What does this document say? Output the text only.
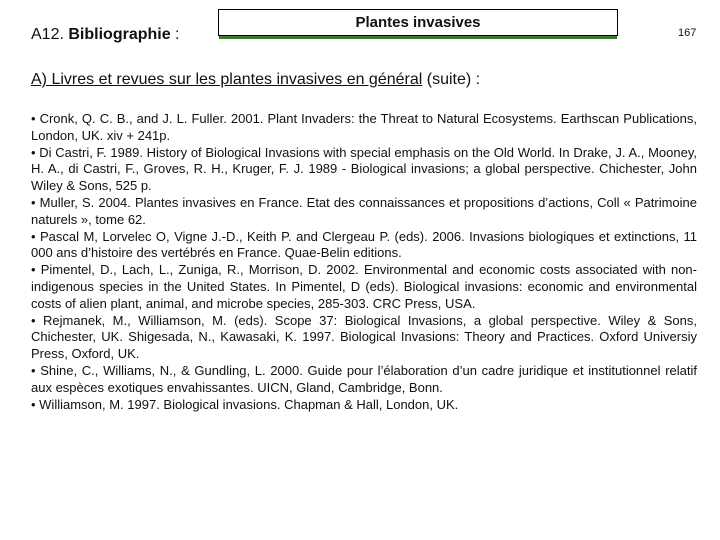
A12. Bibliographie :
Plantes invasives
167
A) Livres et revues sur les plantes invasives en général (suite) :
• Cronk, Q. C. B., and J. L. Fuller. 2001. Plant Invaders: the Threat to Natural Ecosystems. Earthscan Publications, London, UK. xiv + 241p.
• Di Castri, F. 1989. History of Biological Invasions with special emphasis on the Old World. In Drake, J. A., Mooney, H. A., di Castri, F., Groves, R. H., Kruger, F. J. 1989 - Biological invasions; a global perspective. Chichester, John Wiley & Sons, 525 p.
• Muller, S. 2004. Plantes invasives en France. Etat des connaissances et propositions d’actions, Coll « Patrimoine naturels », tome 62.
• Pascal M, Lorvelec O, Vigne J.-D., Keith P. and Clergeau P. (eds). 2006. Invasions biologiques et extinctions, 11 000 ans d’histoire des vertébrés en France. Quae-Belin editions.
• Pimentel, D., Lach, L., Zuniga, R., Morrison, D. 2002. Environmental and economic costs associated with non-indigenous species in the United States. In Pimentel, D (eds). Biological invasions: economic and environmental costs of alien plant, animal, and microbe species, 285-303. CRC Press, USA.
• Rejmanek, M., Williamson, M. (eds). Scope 37: Biological Invasions, a global perspective. Wiley & Sons, Chichester, UK. Shigesada, N., Kawasaki, K. 1997. Biological Invasions: Theory and Practices. Oxford Universiy Press, Oxford, UK.
• Shine, C., Williams, N., & Gundling, L. 2000. Guide pour l’élaboration d’un cadre juridique et institutionnel relatif aux espèces exotiques envahissantes. UICN, Gland, Cambridge, Bonn.
• Williamson, M. 1997. Biological invasions. Chapman & Hall, London, UK.
